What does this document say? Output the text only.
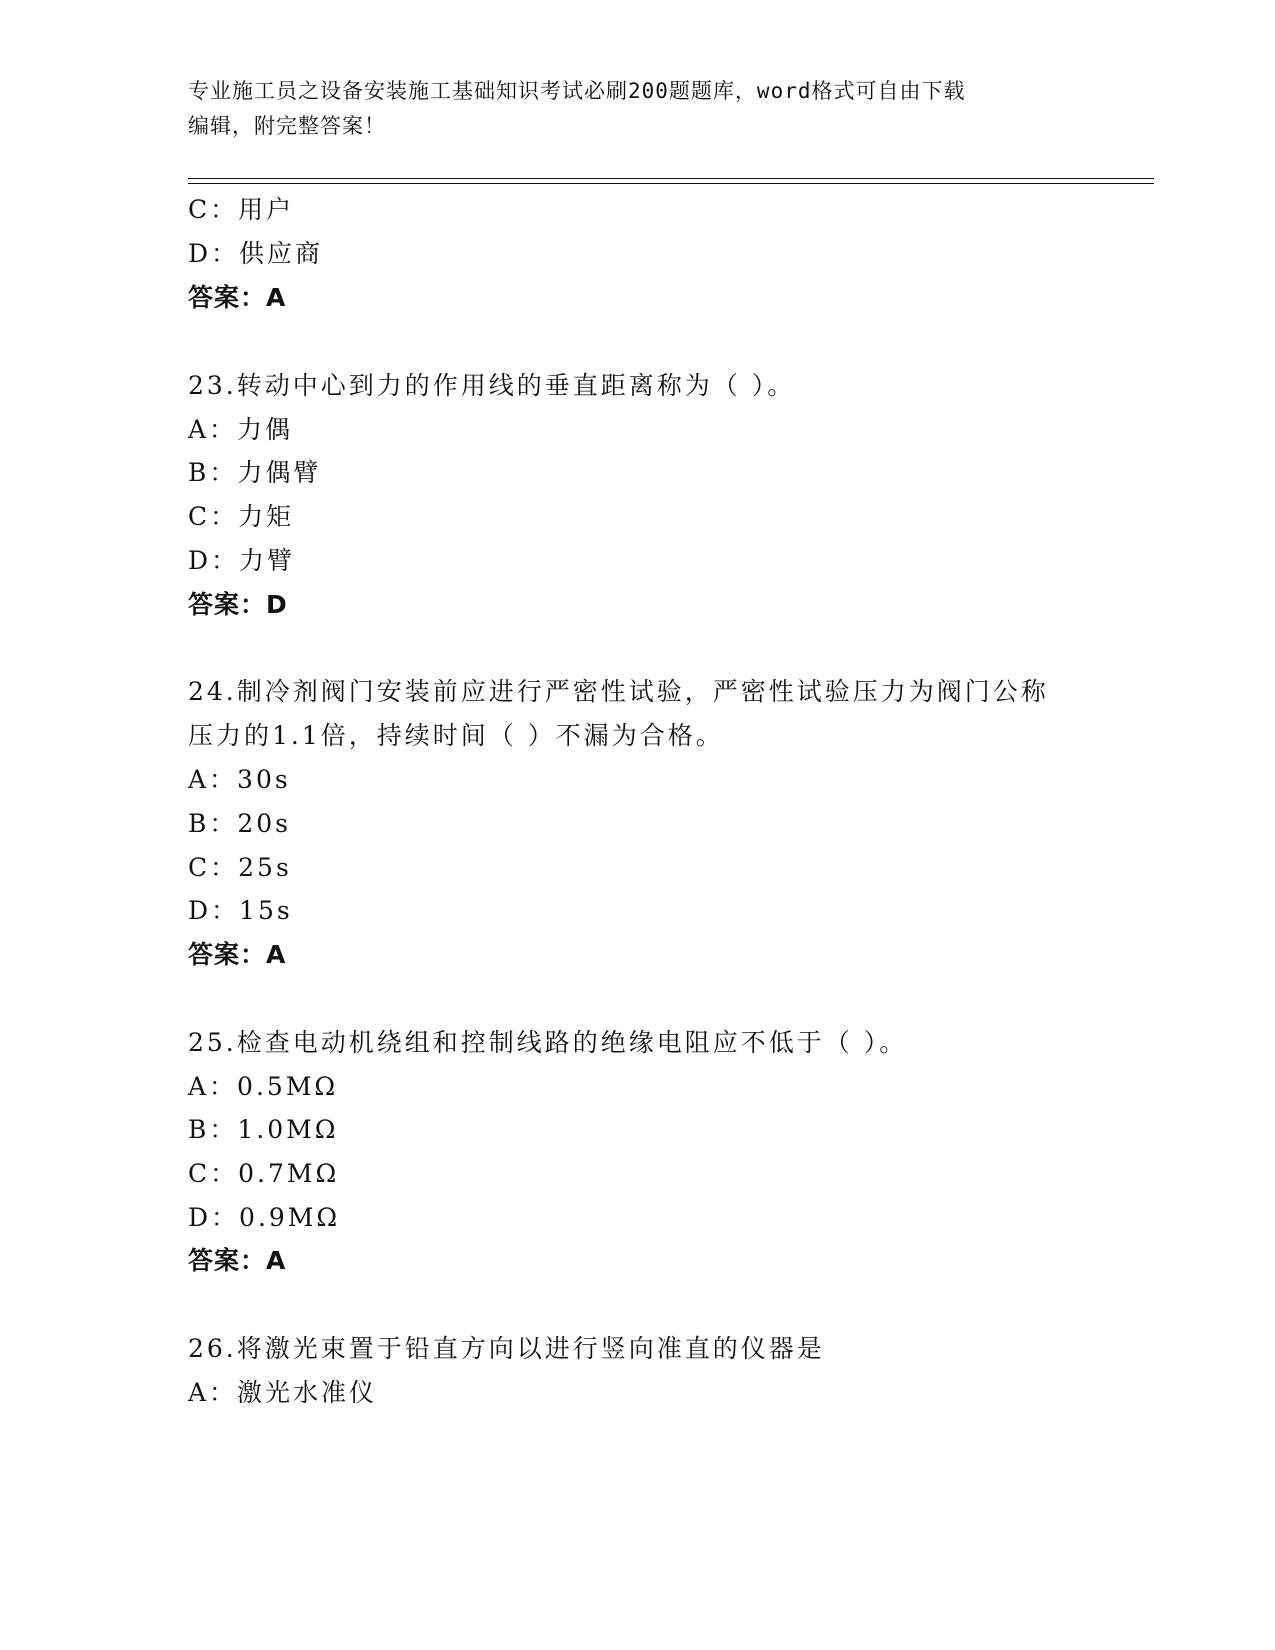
专业施工员之设备安装施工基础知识考试必刷200题题库，word格式可自由下载
编辑，附完整答案！
C：用户
D：供应商
答案：A
23.转动中心到力的作用线的垂直距离称为（ ）。
A：力偶
B：力偶臂
C：力矩
D：力臂
答案：D
24.制冷剂阀门安装前应进行严密性试验，严密性试验压力为阀门公称
压力的1.1倍，持续时间（ ）不漏为合格。
A：30s
B：20s
C：25s
D：15s
答案：A
25.检查电动机绕组和控制线路的绝缘电阻应不低于（ ）。
A：0.5MΩ
B：1.0MΩ
C：0.7MΩ
D：0.9MΩ
答案：A
26.将激光束置于铅直方向以进行竖向准直的仪器是
A：激光水准仪
